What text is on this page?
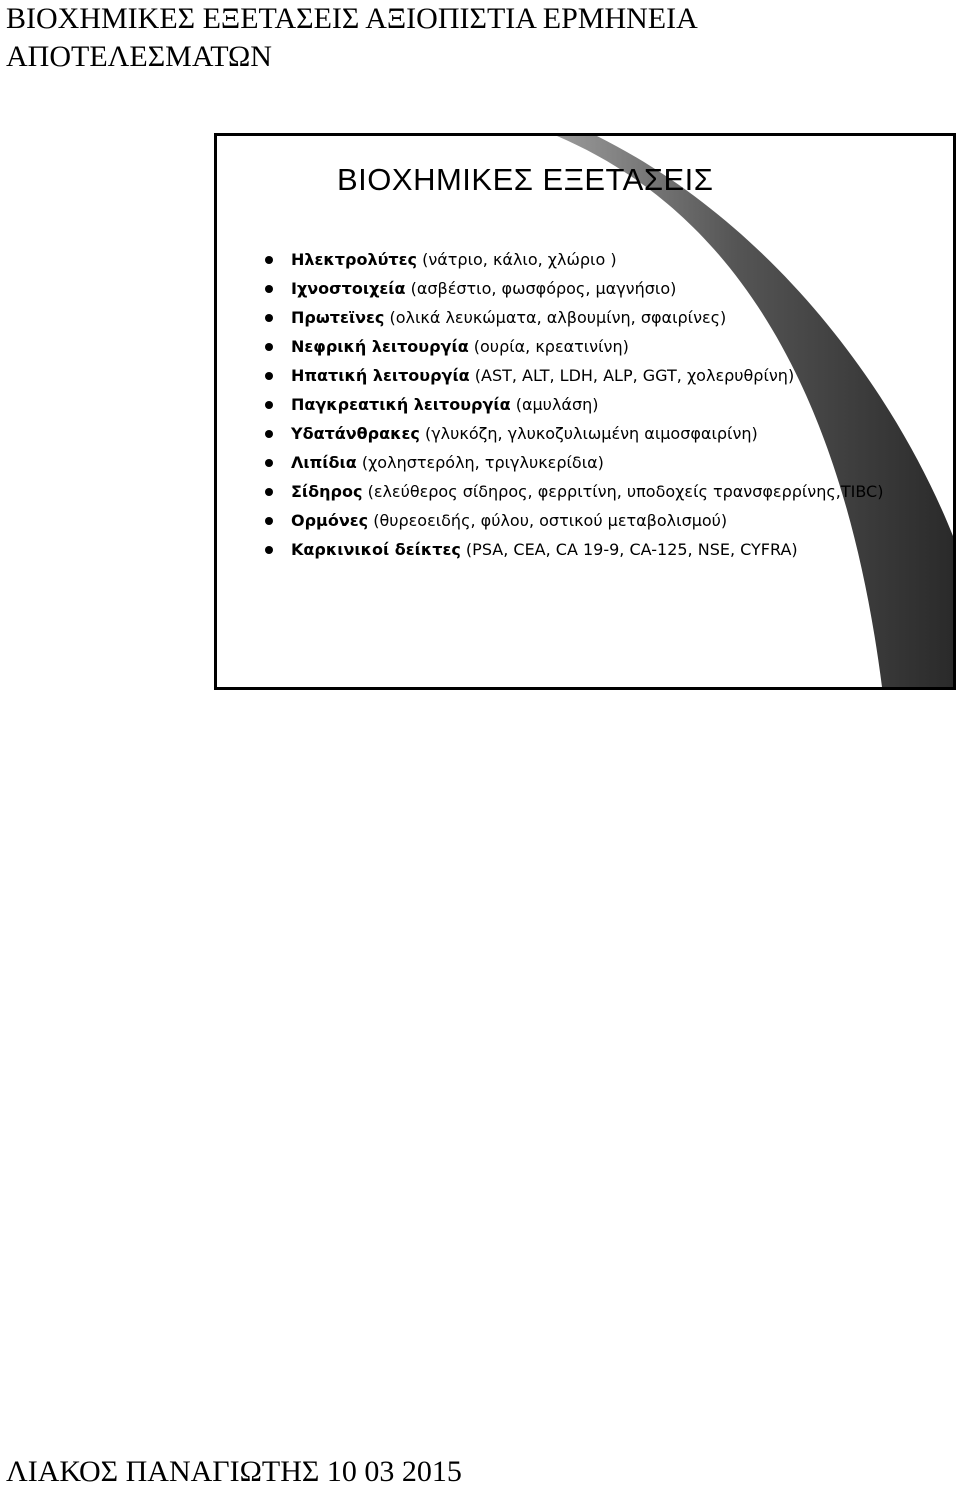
ΒΙΟΧΗΜΙΚΕΣ ΕΞΕΤΑΣΕΙΣ ΑΞΙΟΠΙΣΤΙΑ ΕΡΜΗΝΕΙΑ ΑΠΟΤΕΛΕΣΜΑΤΩΝ
ΒΙΟΧΗΜΙΚΕΣ ΕΞΕΤΑΣΕΙΣ
Ηλεκτρολύτες (νάτριο, κάλιο, χλώριο )
Ιχνοστοιχεία (ασβέστιο, φωσφόρος, μαγνήσιο)
Πρωτεϊνες (ολικά λευκώματα, αλβουμίνη, σφαιρίνες)
Νεφρική λειτουργία (ουρία, κρεατινίνη)
Ηπατική λειτουργία (AST, ALT, LDH, ALP, GGT, χολερυθρίνη)
Παγκρεατική λειτουργία (αμυλάση)
Υδατάνθρακες (γλυκόζη, γλυκοζυλιωμένη αιμοσφαιρίνη)
Λιπίδια (χοληστερόλη, τριγλυκερίδια)
Σίδηρος (ελεύθερος σίδηρος, φερριτίνη, υποδοχείς τρανσφερρίνης,TIBC)
Ορμόνες (θυρεοειδής, φύλου, οστικού μεταβολισμού)
Καρκινικοί δείκτες (PSA, CEA, CA 19-9, CA-125, NSE, CYFRA)
ΛΙΑΚΟΣ ΠΑΝΑΓΙΩΤΗΣ 10 03 2015
